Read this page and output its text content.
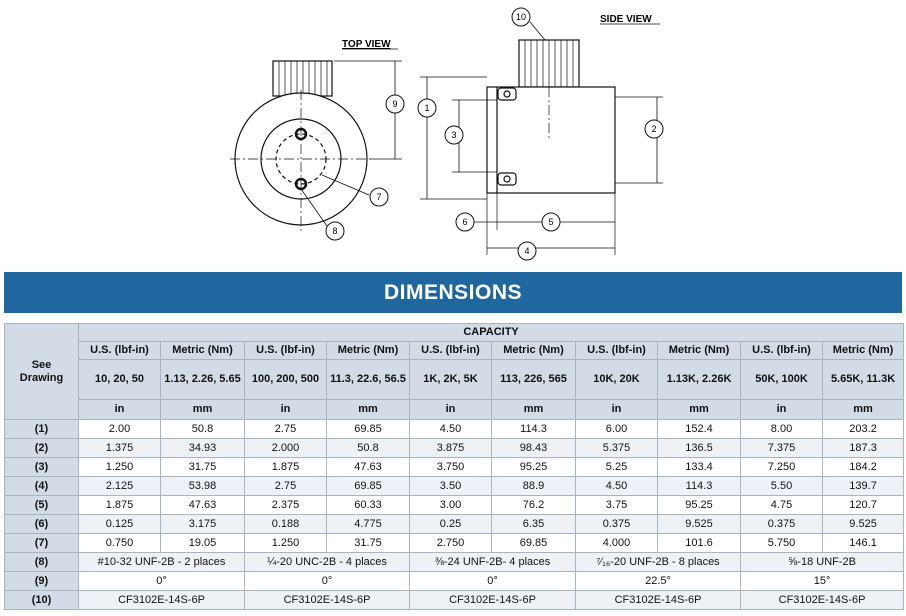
TOP VIEW
SIDE VIEW
1
2
3
4
5
6
7
8
9
10
DIMENSIONS
See
Drawing	CAPACITY									
	U.S. (lbf-in)	Metric (Nm)	U.S. (lbf-in)	Metric (Nm)	U.S. (lbf-in)	Metric (Nm)	U.S. (lbf-in)	Metric (Nm)	U.S. (lbf-in)	Metric (Nm)
	10, 20, 50	1.13, 2.26, 5.65	100, 200, 500	11.3, 22.6, 56.5	1K, 2K, 5K	113, 226, 565	10K, 20K	1.13K, 2.26K	50K, 100K	5.65K, 11.3K
	in	mm	in	mm	in	mm	in	mm	in	mm
(1)	2.00	50.8	2.75	69.85	4.50	114.3	6.00	152.4	8.00	203.2
(2)	1.375	34.93	2.000	50.8	3.875	98.43	5.375	136.5	7.375	187.3
(3)	1.250	31.75	1.875	47.63	3.750	95.25	5.25	133.4	7.250	184.2
(4)	2.125	53.98	2.75	69.85	3.50	88.9	4.50	114.3	5.50	139.7
(5)	1.875	47.63	2.375	60.33	3.00	76.2	3.75	95.25	4.75	120.7
(6)	0.125	3.175	0.188	4.775	0.25	6.35	0.375	9.525	0.375	9.525
(7)	0.750	19.05	1.250	31.75	2.750	69.85	4.000	101.6	5.750	146.1
(8)	#10-32 UNF-2B - 2 places		¼-20 UNC-2B - 4 places		⅜-24 UNF-2B- 4 places		⁷⁄₁₆-20 UNF-2B - 8 places		⅝-18 UNF-2B	
(9)	0°		0°		0°		22.5°		15°	
(10)	CF3102E-14S-6P		CF3102E-14S-6P		CF3102E-14S-6P		CF3102E-14S-6P		CF3102E-14S-6P	
